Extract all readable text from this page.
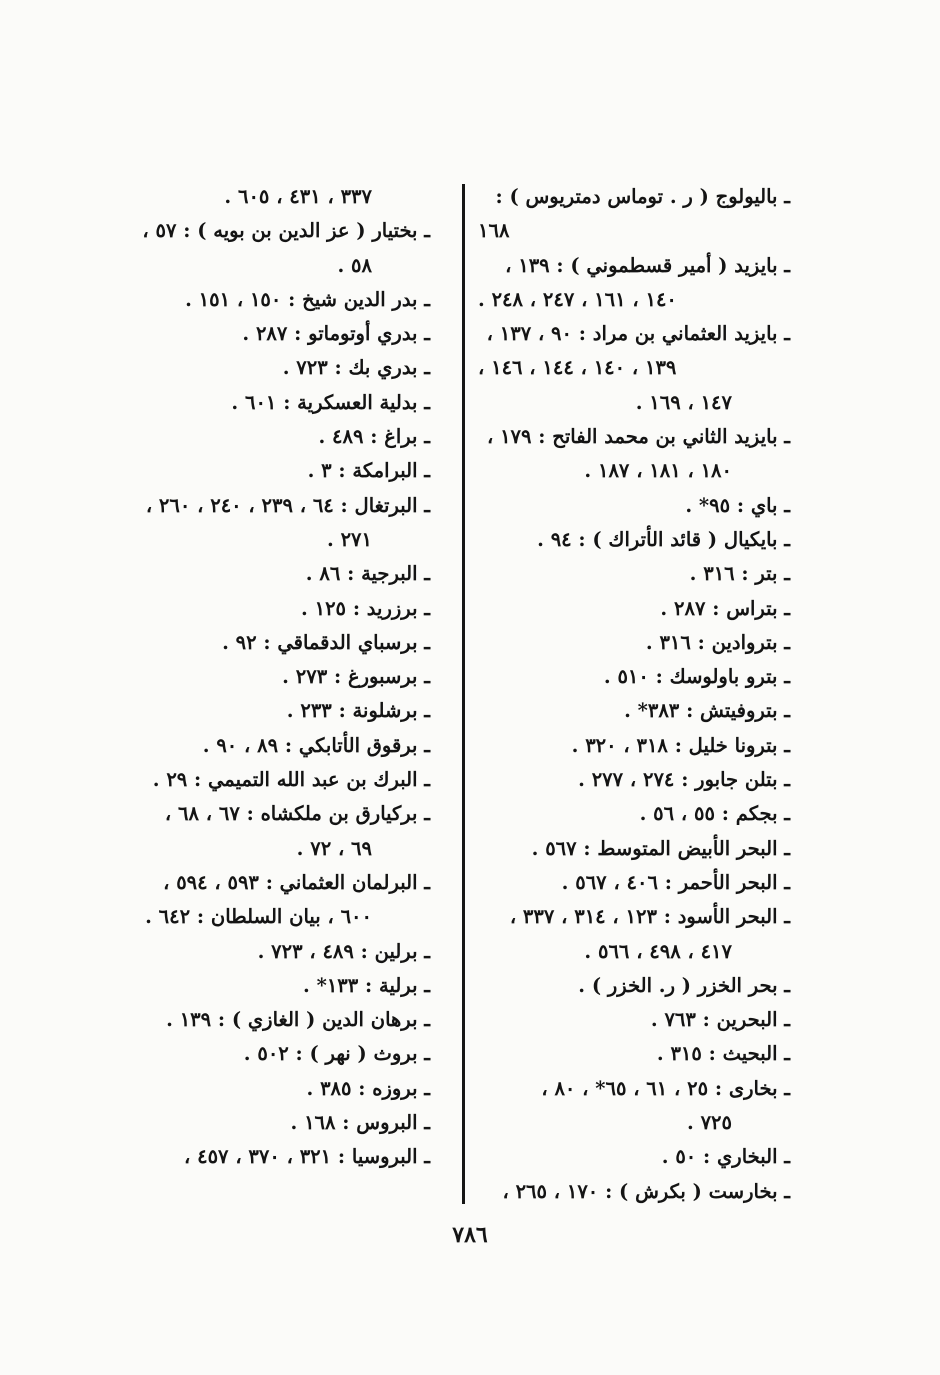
ـ باليولوج ( ر . توماس دمتريوس ) :
١٦٨
ـ بايزيد ( أمير قسطموني ) : ١٣٩ ،
١٤٠ ، ١٦١ ، ٢٤٧ ، ٢٤٨ .
ـ بايزيد العثماني بن مراد : ٩٠ ، ١٣٧ ،
١٣٩ ، ١٤٠ ، ١٤٤ ، ١٤٦ ،
١٤٧ ، ١٦٩ .
ـ بايزيد الثاني بن محمد الفاتح : ١٧٩ ،
١٨٠ ، ١٨١ ، ١٨٧ .
ـ باي : ٩٥* .
ـ بايكيال ( قائد الأتراك ) : ٩٤ .
ـ بتر : ٣١٦ .
ـ بتراس : ٢٨٧ .
ـ بتروادين : ٣١٦ .
ـ بترو باولوسك : ٥١٠ .
ـ بتروفيتش : ٣٨٣* .
ـ بترونا خليل : ٣١٨ ، ٣٢٠ .
ـ بتلن جابور : ٢٧٤ ، ٢٧٧ .
ـ بجكم : ٥٥ ، ٥٦ .
ـ البحر الأبيض المتوسط : ٥٦٧ .
ـ البحر الأحمر : ٤٠٦ ، ٥٦٧ .
ـ البحر الأسود : ١٢٣ ، ٣١٤ ، ٣٣٧ ،
٤١٧ ، ٤٩٨ ، ٥٦٦ .
ـ بحر الخزر ( ر. الخزر ) .
ـ البحرين : ٧٦٣ .
ـ البحيث : ٣١٥ .
ـ بخارى : ٢٥ ، ٦١ ، ٦٥* ، ٨٠ ،
٧٢٥ .
ـ البخاري : ٥٠ .
ـ بخارست ( بكرش ) : ١٧٠ ، ٢٦٥ ،
٣٣٧ ، ٤٣١ ، ٦٠٥ .
ـ بختيار ( عز الدين بن بويه ) : ٥٧ ،
٥٨ .
ـ بدر الدين شيخ : ١٥٠ ، ١٥١ .
ـ بدري أوتوماتو : ٢٨٧ .
ـ بدري بك : ٧٢٣ .
ـ بدلية العسكرية : ٦٠١ .
ـ براغ : ٤٨٩ .
ـ البرامكة : ٣ .
ـ البرتغال : ٦٤ ، ٢٣٩ ، ٢٤٠ ، ٢٦٠ ،
٢٧١ .
ـ البرجية : ٨٦ .
ـ برزريد : ١٢٥ .
ـ برسباي الدقماقي : ٩٢ .
ـ برسبورغ : ٢٧٣ .
ـ برشلونة : ٢٣٣ .
ـ برقوق الأتابكي : ٨٩ ، ٩٠ .
ـ البرك بن عبد الله التميمي : ٢٩ .
ـ بركيارق بن ملكشاه : ٦٧ ، ٦٨ ،
٦٩ ، ٧٢ .
ـ البرلمان العثماني : ٥٩٣ ، ٥٩٤ ،
٦٠٠ ، بيان السلطان : ٦٤٢ .
ـ برلين : ٤٨٩ ، ٧٢٣ .
ـ برلية : ١٣٣* .
ـ برهان الدين ( الغازي ) : ١٣٩ .
ـ بروث ( نهر ) : ٥٠٢ .
ـ بروزه : ٣٨٥ .
ـ البروس : ١٦٨ .
ـ البروسيا : ٣٢١ ، ٣٧٠ ، ٤٥٧ ،
٧٨٦
